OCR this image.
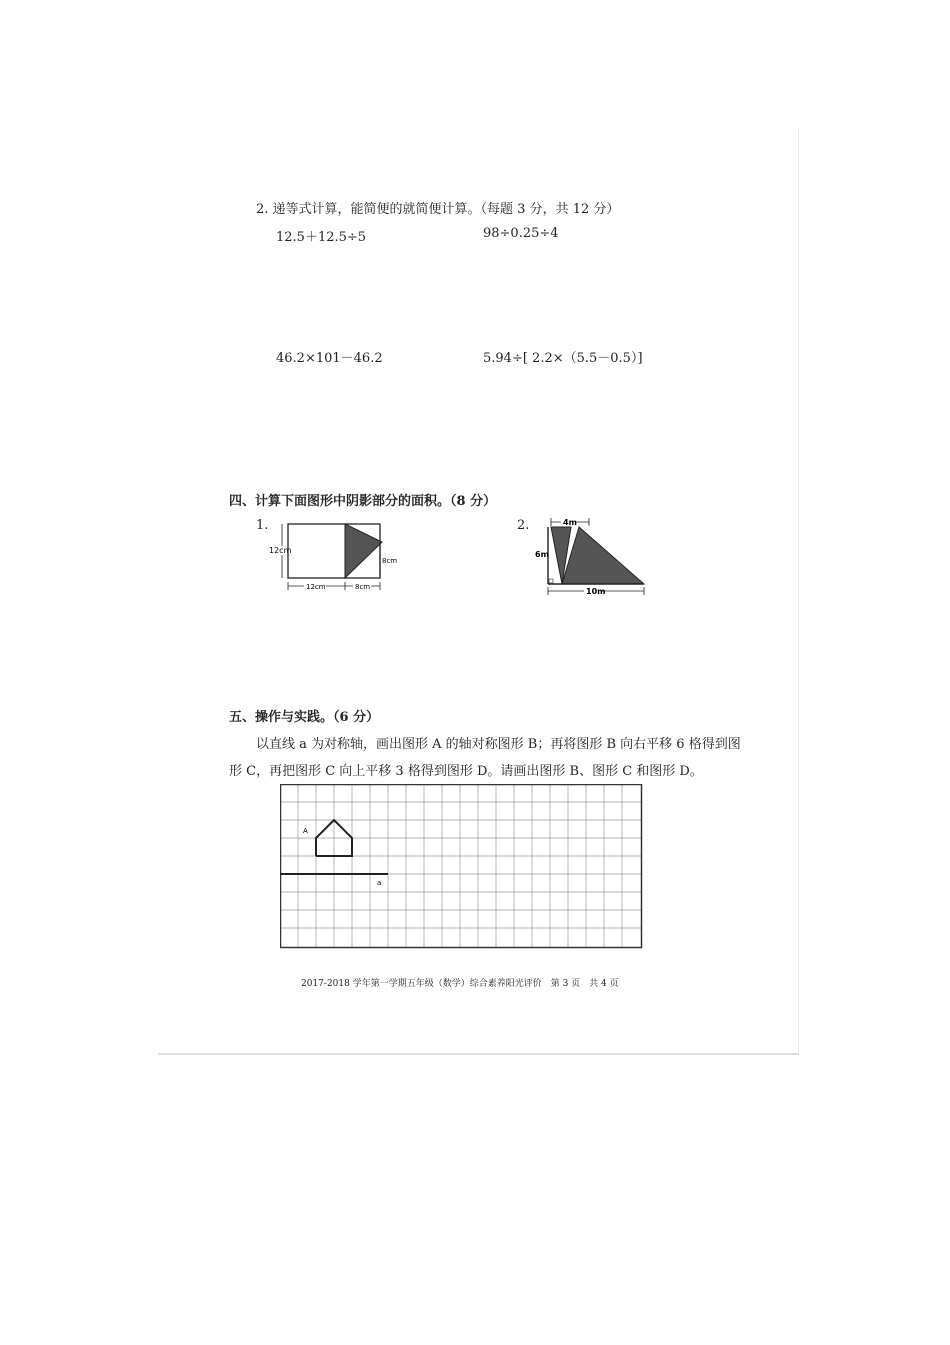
2. 递等式计算，能简便的就简便计算。（每题 3 分，共 12 分）
12.5＋12.5÷5	98÷0.25÷4
46.2×101－46.2	5.94÷[ 2.2×（5.5－0.5）]
四、计算下面图形中阴影部分的面积。（8 分）
1.	2.
12cm
12cm	8cm
8cm
4m
6m
10m
五、操作与实践。（6 分）
以直线 a 为对称轴，画出图形 A 的轴对称图形 B；再将图形 B 向右平移 6 格得到图
形 C，再把图形 C 向上平移 3 格得到图形 D。请画出图形 B、图形 C 和图形 D。
A
a
2017-2018 学年第一学期五年级（数学）综合素养阳光评价　第 3 页　共 4 页
